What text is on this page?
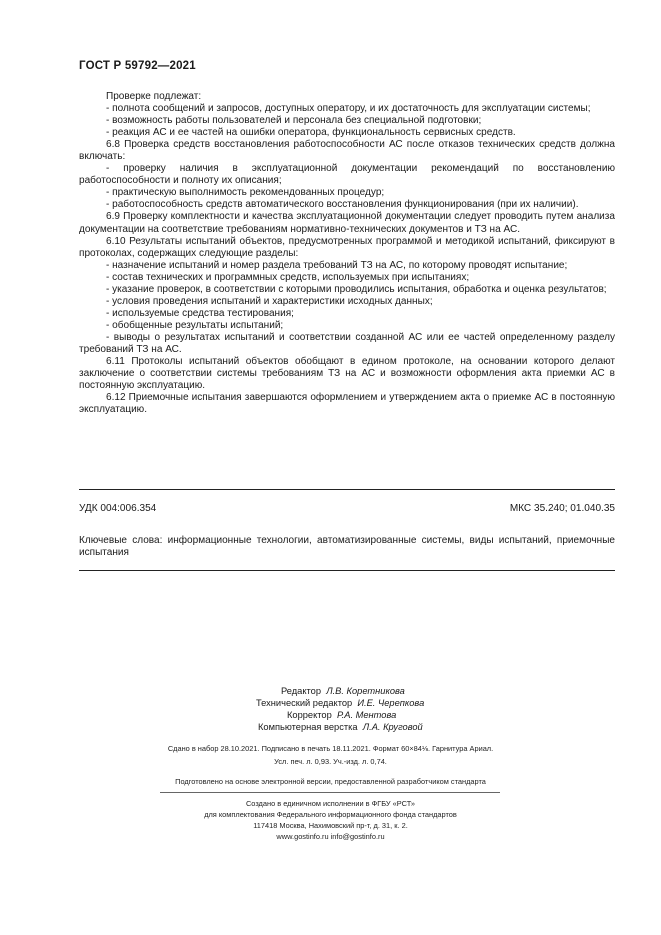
ГОСТ Р 59792—2021

Проверке подлежат:

- полнота сообщений и запросов, доступных оператору, и их достаточность для эксплуатации системы;

- возможность работы пользователей и персонала без специальной подготовки;

- реакция АС и ее частей на ошибки оператора, функциональность сервисных средств.

6.8 Проверка средств восстановления работоспособности АС после отказов технических средств должна включать:

- проверку наличия в эксплуатационной документации рекомендаций по восстановлению работоспособности и полноту их описания;

- практическую выполнимость рекомендованных процедур;

- работоспособность средств автоматического восстановления функционирования (при их наличии).

6.9 Проверку комплектности и качества эксплуатационной документации следует проводить путем анализа документации на соответствие требованиям нормативно-технических документов и ТЗ на АС.

6.10 Результаты испытаний объектов, предусмотренных программой и методикой испытаний, фиксируют в протоколах, содержащих следующие разделы:

- назначение испытаний и номер раздела требований ТЗ на АС, по которому проводят испытание;

- состав технических и программных средств, используемых при испытаниях;

- указание проверок, в соответствии с которыми проводились испытания, обработка и оценка результатов;

- условия проведения испытаний и характеристики исходных данных;

- используемые средства тестирования;

- обобщенные результаты испытаний;

- выводы о результатах испытаний и соответствии созданной АС или ее частей определенному разделу требований ТЗ на АС.

6.11 Протоколы испытаний объектов обобщают в едином протоколе, на основании которого делают заключение о соответствии системы требованиям ТЗ на АС и возможности оформления акта приемки АС в постоянную эксплуатацию.

6.12 Приемочные испытания завершаются оформлением и утверждением акта о приемке АС в постоянную эксплуатацию.

УДК 004:006.354	МКС 35.240; 01.040.35
Ключевые слова: информационные технологии, автоматизированные системы, виды испытаний, приемочные испытания
Редактор Л.В. Коретникова
Технический редактор И.Е. Черепкова
Корректор Р.А. Ментова
Компьютерная верстка Л.А. Круговой
Сдано в набор 28.10.2021. Подписано в печать 18.11.2021. Формат 60×84⅛. Гарнитура Ариал.
Усл. печ. л. 0,93. Уч.-изд. л. 0,74.
Подготовлено на основе электронной версии, предоставленной разработчиком стандарта
Создано в единичном исполнении в ФГБУ «РСТ»
для комплектования Федерального информационного фонда стандартов
117418 Москва, Нахимовский пр-т, д. 31, к. 2.
www.gostinfo.ru info@gostinfo.ru
